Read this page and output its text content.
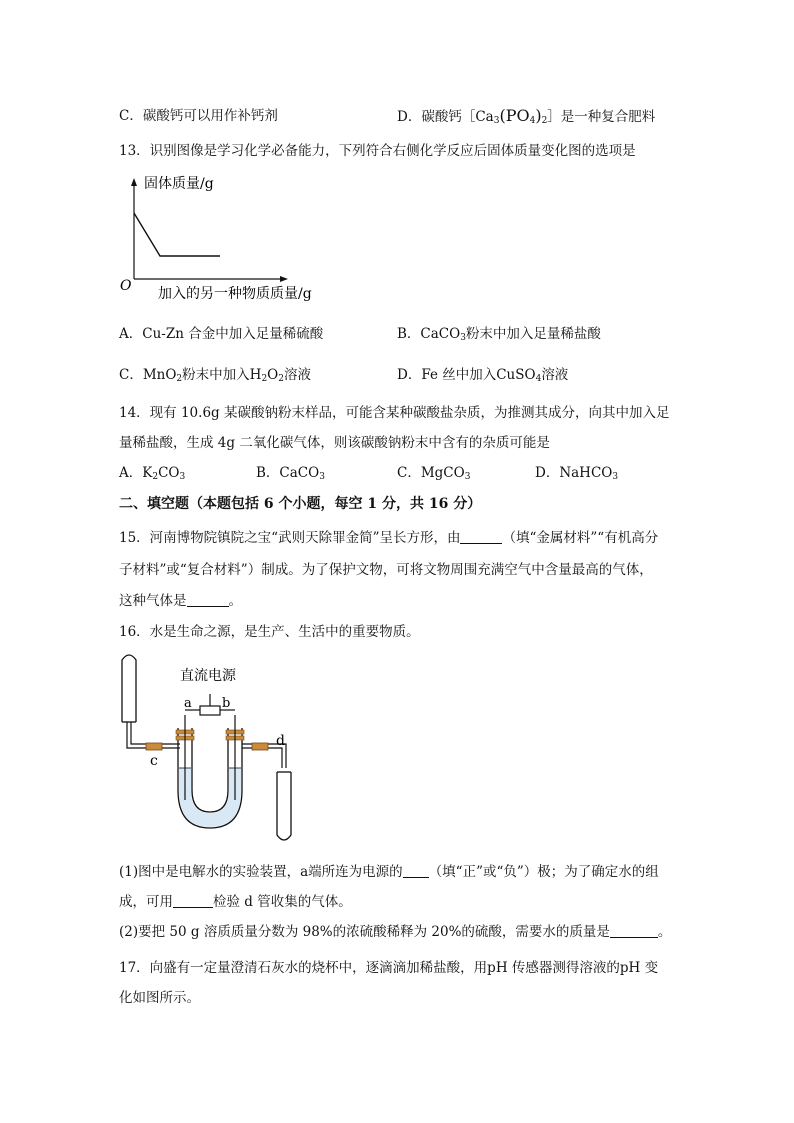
C．碳酸钙可以用作补钙剂	D．碳酸钙$[Ca_3(PO_4)_2]$是一种复合肥料
13．识别图像是学习化学必备能力，下列符合右侧化学反应后固体质量变化图的选项是
固体质量/g
O 加入的另一种物质质量/g
A．Cu-Zn 合金中加入足量稀硫酸	B．CaCO$_3$粉末中加入足量稀盐酸
C．MnO$_2$粉末中加入$H_2O_2$溶液	D．Fe 丝中加入CuSO$_4$溶液
14．现有 10.6g 某碳酸钠粉末样品，可能含某种碳酸盐杂质，为推测其成分，向其中加入足
量稀盐酸，生成 4g 二氧化碳气体，则该碳酸钠粉末中含有的杂质可能是
A．$K_2CO_3$	B．CaCO$_3$	C．MgCO$_3$	D．NaHCO$_3$
二、填空题（本题包括 6 个小题，每空 1 分，共 16 分）
15．河南博物院镇院之宝“武则天除罪金简”呈长方形，由	（填“金属材料”“有机高分
子材料”或“复合材料”）制成。为了保护文物，可将文物周围充满空气中含量最高的气体，
这种气体是	。
16．水是生命之源，是生产、生活中的重要物质。
c
直流电源
a b
d
(1)图中是电解水的实验装置，a端所连为电源的 （填“正”或“负”）极；为了确定水的组
成，可用	检验 d 管收集的气体。
(2)要把 50 g 溶质质量分数为 98%的浓硫酸稀释为 20%的硫酸，需要水的质量是	。
17．向盛有一定量澄清石灰水的烧杯中，逐滴滴加稀盐酸，用pH 传感器测得溶液的pH 变
化如图所示。
